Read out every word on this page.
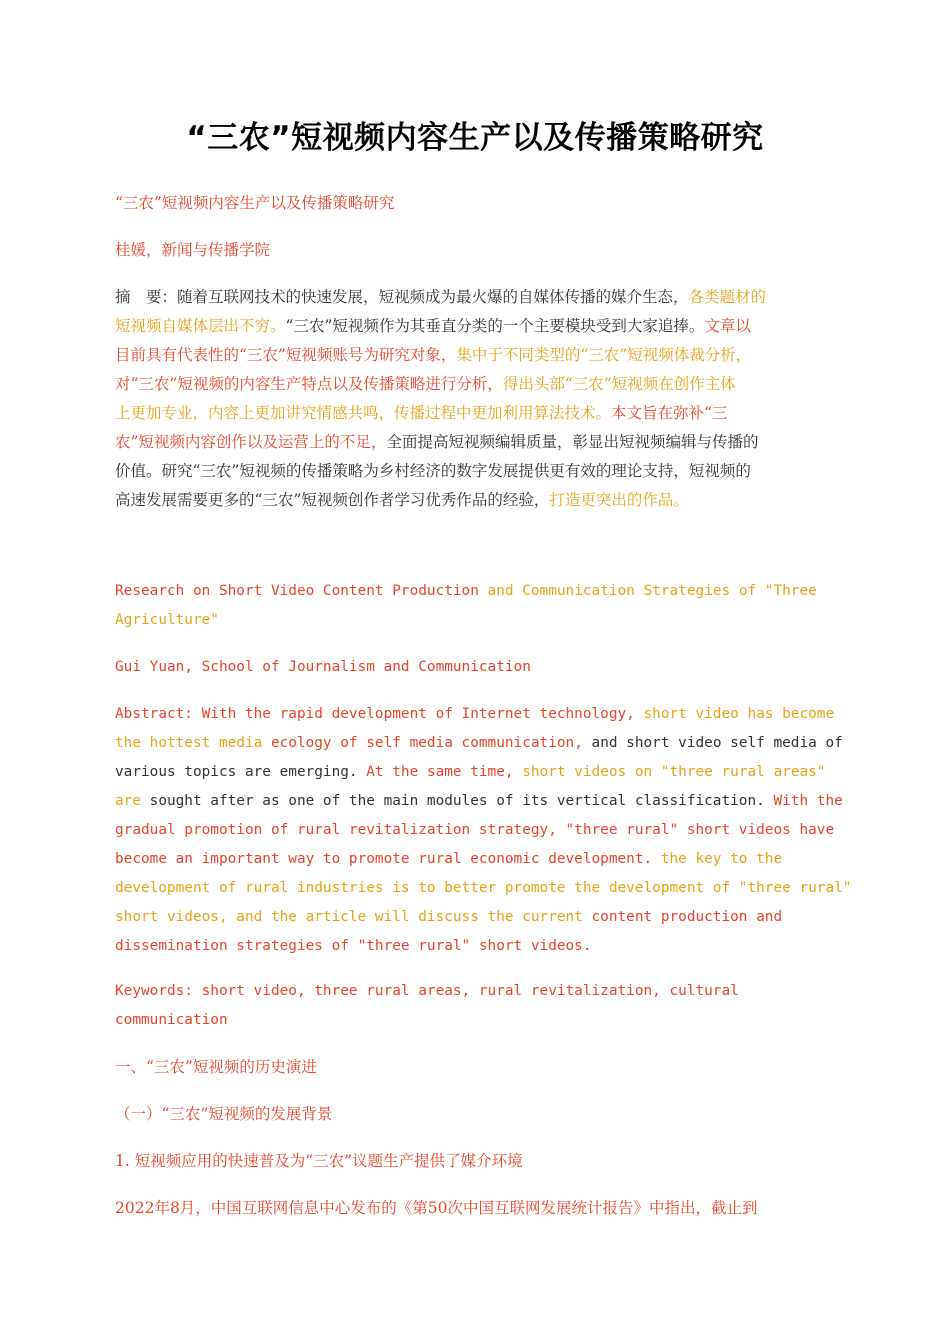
“三农”短视频内容生产以及传播策略研究
“三农”短视频内容生产以及传播策略研究
桂媛，新闻与传播学院
摘　要：随着互联网技术的快速发展，短视频成为最火爆的自媒体传播的媒介生态，各类题材的
短视频自媒体层出不穷。“三农”短视频作为其垂直分类的一个主要模块受到大家追捧。文章以
目前具有代表性的“三农”短视频账号为研究对象，集中于不同类型的“三农”短视频体裁分析，
对“三农”短视频的内容生产特点以及传播策略进行分析，得出头部“三农”短视频在创作主体
上更加专业，内容上更加讲究情感共鸣，传播过程中更加利用算法技术。本文旨在弥补“三
农”短视频内容创作以及运营上的不足，全面提高短视频编辑质量，彰显出短视频编辑与传播的
价值。研究“三农”短视频的传播策略为乡村经济的数字发展提供更有效的理论支持，短视频的
高速发展需要更多的“三农”短视频创作者学习优秀作品的经验，打造更突出的作品。
Research on Short Video Content Production and Communication Strategies of "Three
Agriculture"
Gui Yuan, School of Journalism and Communication
Abstract: With the rapid development of Internet technology, short video has become
the hottest media ecology of self media communication, and short video self media of
various topics are emerging. At the same time, short videos on "three rural areas"
are sought after as one of the main modules of its vertical classification. With the
gradual promotion of rural revitalization strategy, "three rural" short videos have
become an important way to promote rural economic development. the key to the
development of rural industries is to better promote the development of "three rural"
short videos, and the article will discuss the current content production and
dissemination strategies of "three rural" short videos.
Keywords: short video, three rural areas, rural revitalization, cultural
communication
一、“三农”短视频的历史演进
（一）“三农”短视频的发展背景
1. 短视频应用的快速普及为“三农”议题生产提供了媒介环境
2022年8月，中国互联网信息中心发布的《第50次中国互联网发展统计报告》中指出，截止到
